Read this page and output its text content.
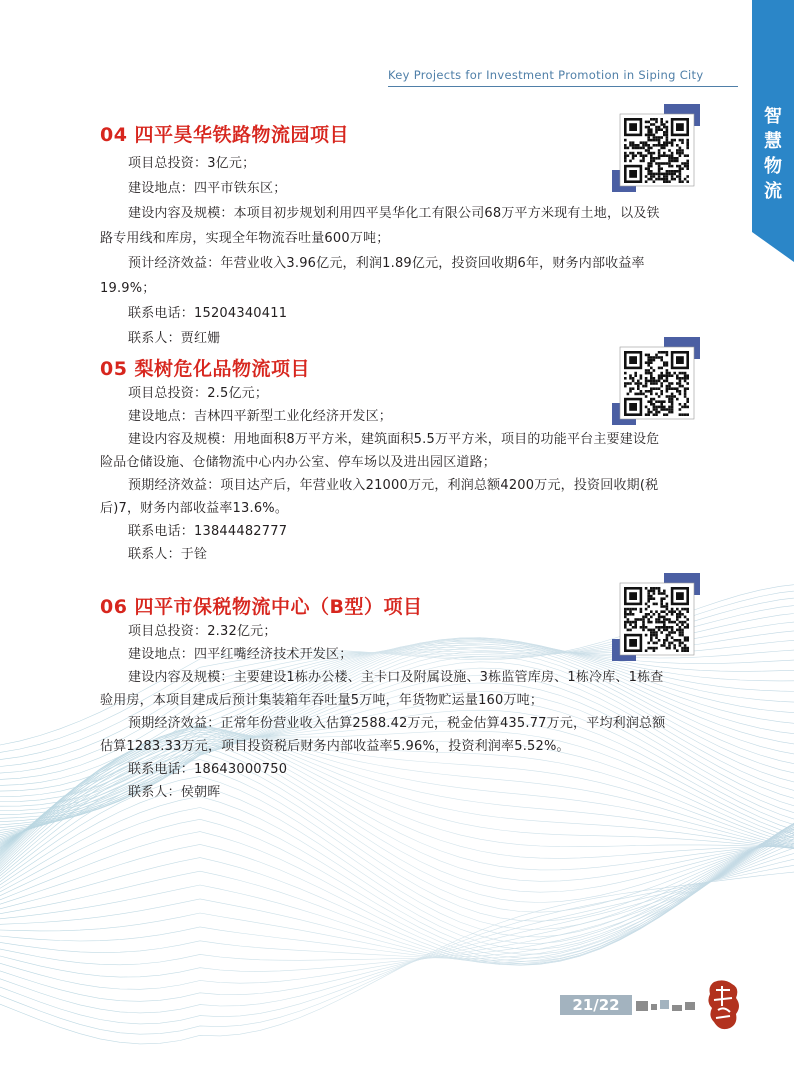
Key Projects for Investment Promotion in Siping City
智
慧
物
流
04 四平昊华铁路物流园项目
项目总投资：3亿元；
建设地点：四平市铁东区；
建设内容及规模：本项目初步规划利用四平昊华化工有限公司68万平方米现有土地，以及铁
路专用线和库房，实现全年物流吞吐量600万吨；
预计经济效益：年营业收入3.96亿元，利润1.89亿元，投资回收期6年，财务内部收益率
19.9%；
联系电话：15204340411
联系人：贾红姗
05 梨树危化品物流项目
项目总投资：2.5亿元；
建设地点：吉林四平新型工业化经济开发区；
建设内容及规模：用地面积8万平方米，建筑面积5.5万平方米，项目的功能平台主要建设危
险品仓储设施、仓储物流中心内办公室、停车场以及进出园区道路；
预期经济效益：项目达产后，年营业收入21000万元，利润总额4200万元，投资回收期(税
后)7，财务内部收益率13.6%。
联系电话：13844482777
联系人：于铨
06 四平市保税物流中心（B型）项目
项目总投资：2.32亿元；
建设地点：四平红嘴经济技术开发区；
建设内容及规模：主要建设1栋办公楼、主卡口及附属设施、3栋监管库房、1栋冷库、1栋查
验用房，本项目建成后预计集装箱年吞吐量5万吨，年货物贮运量160万吨；
预期经济效益：正常年份营业收入估算2588.42万元，税金估算435.77万元，平均利润总额
估算1283.33万元，项目投资税后财务内部收益率5.96%，投资利润率5.52%。
联系电话：18643000750
联系人：侯朝晖
21/22
